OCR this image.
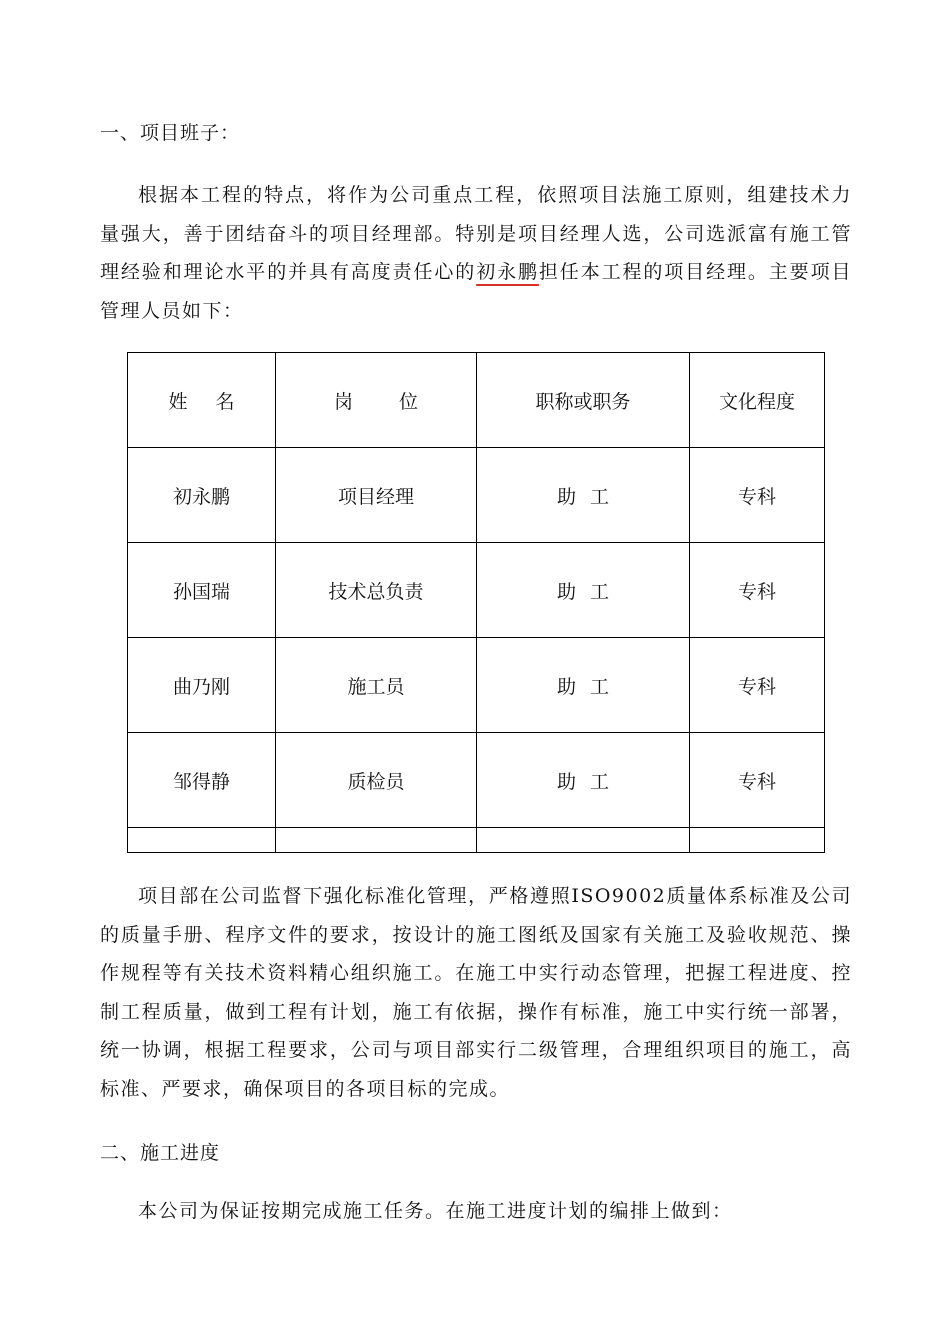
一、项目班子：

根据本工程的特点，将作为公司重点工程，依照项目法施工原则，组建技术力量强大，善于团结奋斗的项目经理部。特别是项目经理人选，公司选派富有施工管理经验和理论水平的并具有高度责任心的初永鹏担任本工程的项目经理。主要项目管理人员如下：

姓名	岗位	职称或职务	文化程度
初永鹏	项目经理	助工	专科
孙国瑞	技术总负责	助工	专科
曲乃刚	施工员	助工	专科
邹得静	质检员	助工	专科

项目部在公司监督下强化标准化管理，严格遵照ISO9002质量体系标准及公司的质量手册、程序文件的要求，按设计的施工图纸及国家有关施工及验收规范、操作规程等有关技术资料精心组织施工。在施工中实行动态管理，把握工程进度、控制工程质量，做到工程有计划，施工有依据，操作有标准，施工中实行统一部署，统一协调，根据工程要求，公司与项目部实行二级管理，合理组织项目的施工，高标准、严要求，确保项目的各项目标的完成。

二、施工进度

本公司为保证按期完成施工任务。在施工进度计划的编排上做到：
